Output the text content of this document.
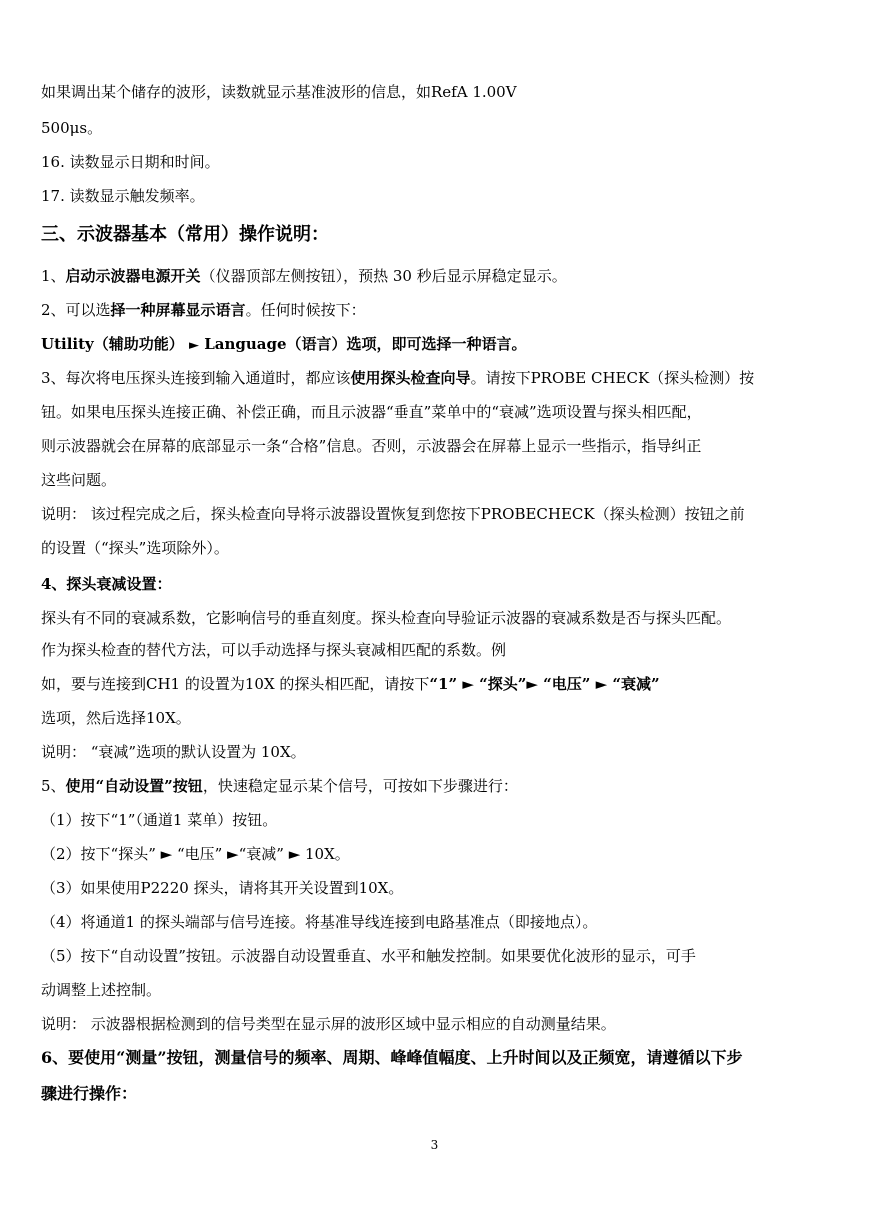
如果调出某个储存的波形，读数就显示基准波形的信息，如RefA 1.00V
500μs。
16. 读数显示日期和时间。
17. 读数显示触发频率。
三、示波器基本（常用）操作说明：
1、启动示波器电源开关（仪器顶部左侧按钮），预热 30 秒后显示屏稳定显示。
2、可以选择一种屏幕显示语言。任何时候按下：
Utility（辅助功能） ► Language（语言）选项，即可选择一种语言。
3、每次将电压探头连接到输入通道时，都应该使用探头检查向导。请按下PROBE CHECK（探头检测）按
钮。如果电压探头连接正确、补偿正确，而且示波器“垂直”菜单中的“衰减”选项设置与探头相匹配，
则示波器就会在屏幕的底部显示一条“合格”信息。否则，示波器会在屏幕上显示一些指示，指导纠正
这些问题。
说明： 该过程完成之后，探头检查向导将示波器设置恢复到您按下PROBECHECK（探头检测）按钮之前
的设置（“探头”选项除外）。
4、探头衰减设置：
探头有不同的衰减系数，它影响信号的垂直刻度。探头检查向导验证示波器的衰减系数是否与探头匹配。
作为探头检查的替代方法，可以手动选择与探头衰减相匹配的系数。例
如，要与连接到CH1 的设置为10X 的探头相匹配，请按下“1” ► “探头”► “电压” ► “衰减”
选项，然后选择10X。
说明： “衰减”选项的默认设置为 10X。
5、使用“自动设置”按钮，快速稳定显示某个信号，可按如下步骤进行：
（1）按下“1”（通道1 菜单）按钮。
（2）按下“探头” ► “电压” ►“衰减” ► 10X。
（3）如果使用P2220 探头，请将其开关设置到10X。
（4）将通道1 的探头端部与信号连接。将基准导线连接到电路基准点（即接地点）。
（5）按下“自动设置”按钮。示波器自动设置垂直、水平和触发控制。如果要优化波形的显示，可手
动调整上述控制。
说明： 示波器根据检测到的信号类型在显示屏的波形区域中显示相应的自动测量结果。
6、要使用“测量”按钮，测量信号的频率、周期、峰峰值幅度、上升时间以及正频宽，请遵循以下步
骤进行操作：
3
